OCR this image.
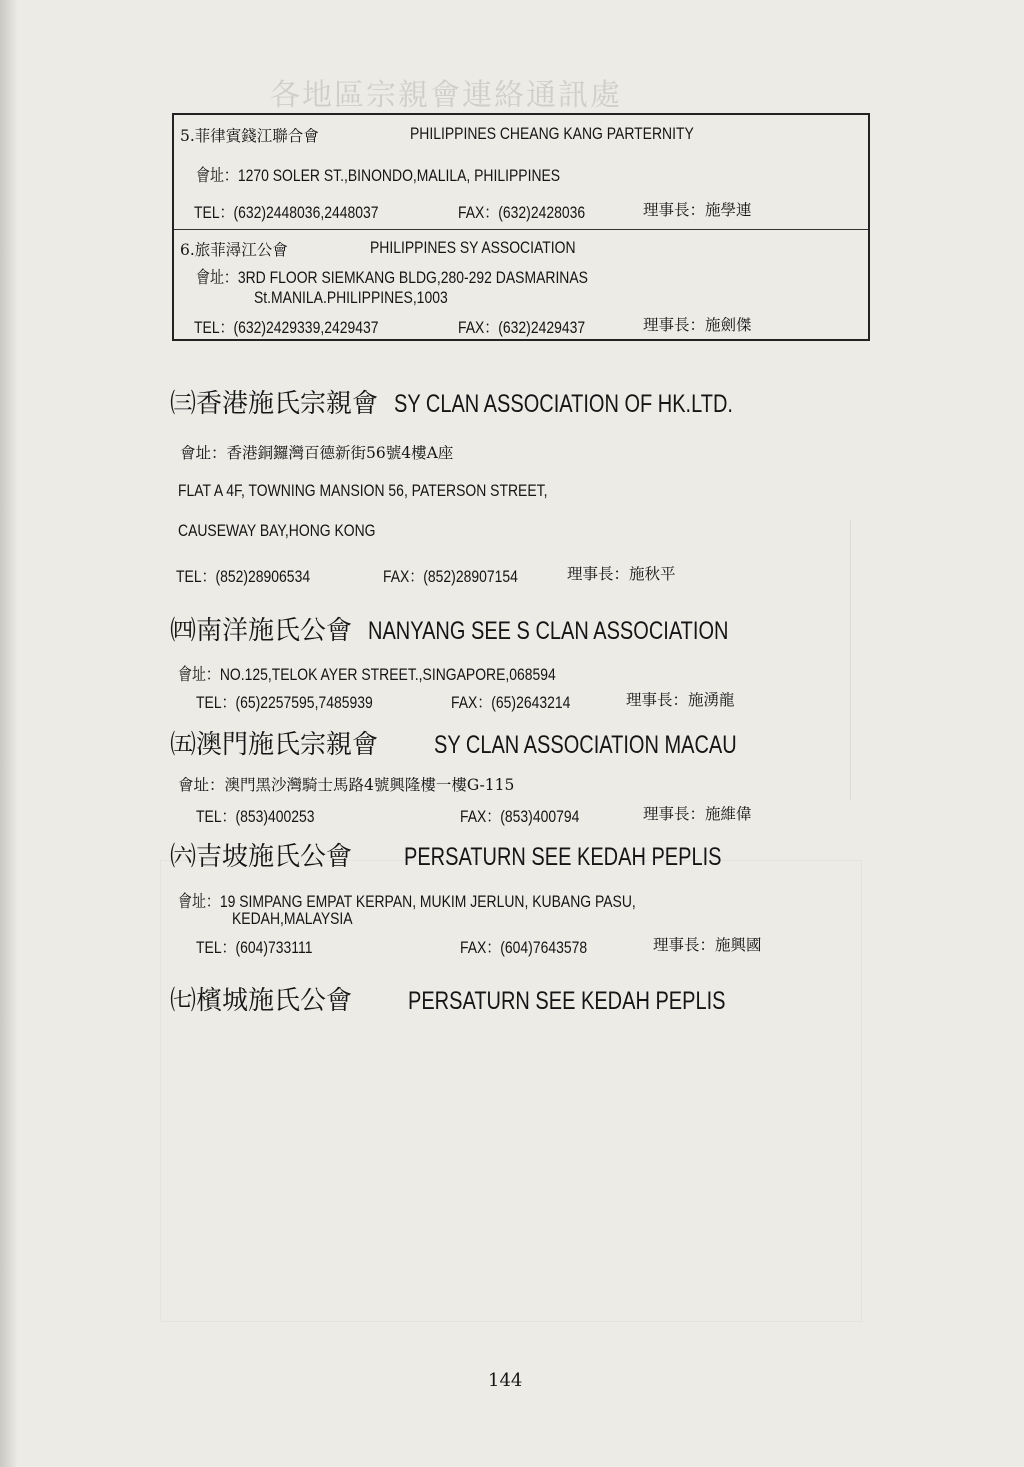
各地區宗親會連絡通訊處
5.菲律賓錢江聯合會	PHILIPPINES CHEANG KANG PARTERNITY
會址：1270 SOLER ST.,BINONDO,MALILA, PHILIPPINES
TEL：(632)2448036,2448037	FAX：(632)2428036	理事長：施學連
6.旅菲潯江公會	PHILIPPINES SY ASSOCIATION
會址：3RD FLOOR SIEMKANG BLDG,280-292 DASMARINAS
St.MANILA.PHILIPPINES,1003
TEL：(632)2429339,2429437	FAX：(632)2429437	理事長：施劍傑
㈢香港施氏宗親會 SY CLAN ASSOCIATION OF HK.LTD.
會址：香港銅鑼灣百德新街56號4樓A座
FLAT A 4F, TOWNING MANSION 56, PATERSON STREET,
CAUSEWAY BAY,HONG KONG
TEL：(852)28906534	FAX：(852)28907154	理事長：施秋平
㈣南洋施氏公會 NANYANG SEE S CLAN ASSOCIATION
會址：NO.125,TELOK AYER STREET.,SINGAPORE,068594
TEL：(65)2257595,7485939	FAX：(65)2643214	理事長：施湧龍
㈤澳門施氏宗親會 SY CLAN ASSOCIATION MACAU
會址：澳門黑沙灣騎士馬路4號興隆樓一樓G-115
TEL：(853)400253	FAX：(853)400794	理事長：施維偉
㈥吉坡施氏公會 PERSATURN SEE KEDAH PEPLIS
會址：19 SIMPANG EMPAT KERPAN, MUKIM JERLUN, KUBANG PASU,
KEDAH,MALAYSIA
TEL：(604)733111	FAX：(604)7643578	理事長：施興國
㈦檳城施氏公會 PERSATURN SEE KEDAH PEPLIS
144
